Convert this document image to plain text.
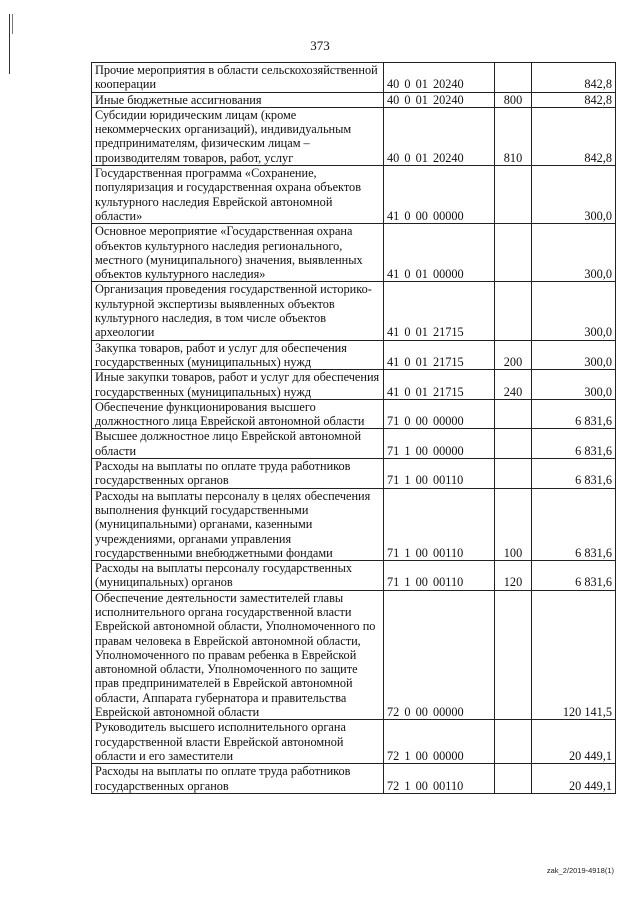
373
Прочие мероприятия в области сельскохозяйственной кооперации	40 0 01 20240		842,8
Иные бюджетные ассигнования	40 0 01 20240	800	842,8
Субсидии юридическим лицам (кроме некоммерческих организаций), индивидуальным предпринимателям, физическим лицам – производителям товаров, работ, услуг	40 0 01 20240	810	842,8
Государственная программа «Сохранение, популяризация и государственная охрана объектов культурного наследия Еврейской автономной области»	41 0 00 00000		300,0
Основное мероприятие «Государственная охрана объектов культурного наследия регионального, местного (муниципального) значения, выявленных объектов культурного наследия»	41 0 01 00000		300,0
Организация проведения государственной историко-культурной экспертизы выявленных объектов культурного наследия, в том числе объектов археологии	41 0 01 21715		300,0
Закупка товаров, работ и услуг для обеспечения государственных (муниципальных) нужд	41 0 01 21715	200	300,0
Иные закупки товаров, работ и услуг для обеспечения государственных (муниципальных) нужд	41 0 01 21715	240	300,0
Обеспечение функционирования высшего должностного лица Еврейской автономной области	71 0 00 00000		6 831,6
Высшее должностное лицо Еврейской автономной области	71 1 00 00000		6 831,6
Расходы на выплаты по оплате труда работников государственных органов	71 1 00 00110		6 831,6
Расходы на выплаты персоналу в целях обеспечения выполнения функций государственными (муниципальными) органами, казенными учреждениями, органами управления государственными внебюджетными фондами	71 1 00 00110	100	6 831,6
Расходы на выплаты персоналу государственных (муниципальных) органов	71 1 00 00110	120	6 831,6
Обеспечение деятельности заместителей главы исполнительного органа государственной власти Еврейской автономной области, Уполномоченного по правам человека в Еврейской автономной области, Уполномоченного по правам ребенка в Еврейской автономной области, Уполномоченного по защите прав предпринимателей в Еврейской автономной области, Аппарата губернатора и правительства Еврейской автономной области	72 0 00 00000		120 141,5
Руководитель высшего исполнительного органа государственной власти Еврейской автономной области и его заместители	72 1 00 00000		20 449,1
Расходы на выплаты по оплате труда работников государственных органов	72 1 00 00110		20 449,1
zak_2/2019-4918(1)
